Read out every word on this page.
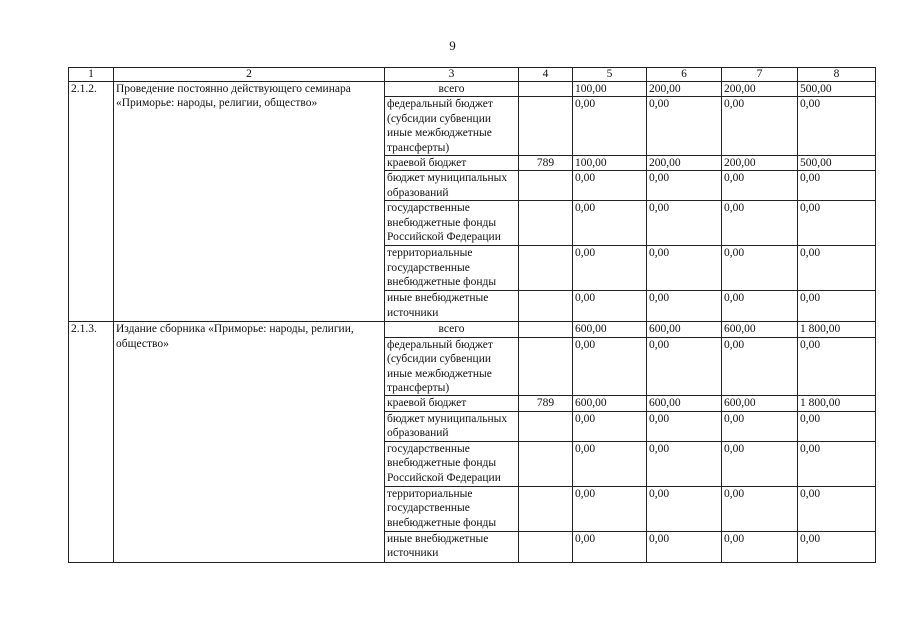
9
1	2	3	4	5	6	7	8
2.1.2.	Проведение постоянно действующего семинара «Приморье: народы, религии, общество»	всего		100,00	200,00	200,00	500,00
		федеральный бюджет (субсидии субвенции иные межбюджетные трансферты)		0,00	0,00	0,00	0,00
		краевой бюджет	789	100,00	200,00	200,00	500,00
		бюджет муниципальных образований		0,00	0,00	0,00	0,00
		государственные внебюджетные фонды Российской Федерации		0,00	0,00	0,00	0,00
		территориальные государственные внебюджетные фонды		0,00	0,00	0,00	0,00
		иные внебюджетные источники		0,00	0,00	0,00	0,00
2.1.3.	Издание сборника «Приморье: народы, религии, общество»	всего		600,00	600,00	600,00	1 800,00
		федеральный бюджет (субсидии субвенции иные межбюджетные трансферты)		0,00	0,00	0,00	0,00
		краевой бюджет	789	600,00	600,00	600,00	1 800,00
		бюджет муниципальных образований		0,00	0,00	0,00	0,00
		государственные внебюджетные фонды Российской Федерации		0,00	0,00	0,00	0,00
		территориальные государственные внебюджетные фонды		0,00	0,00	0,00	0,00
		иные внебюджетные источники		0,00	0,00	0,00	0,00
